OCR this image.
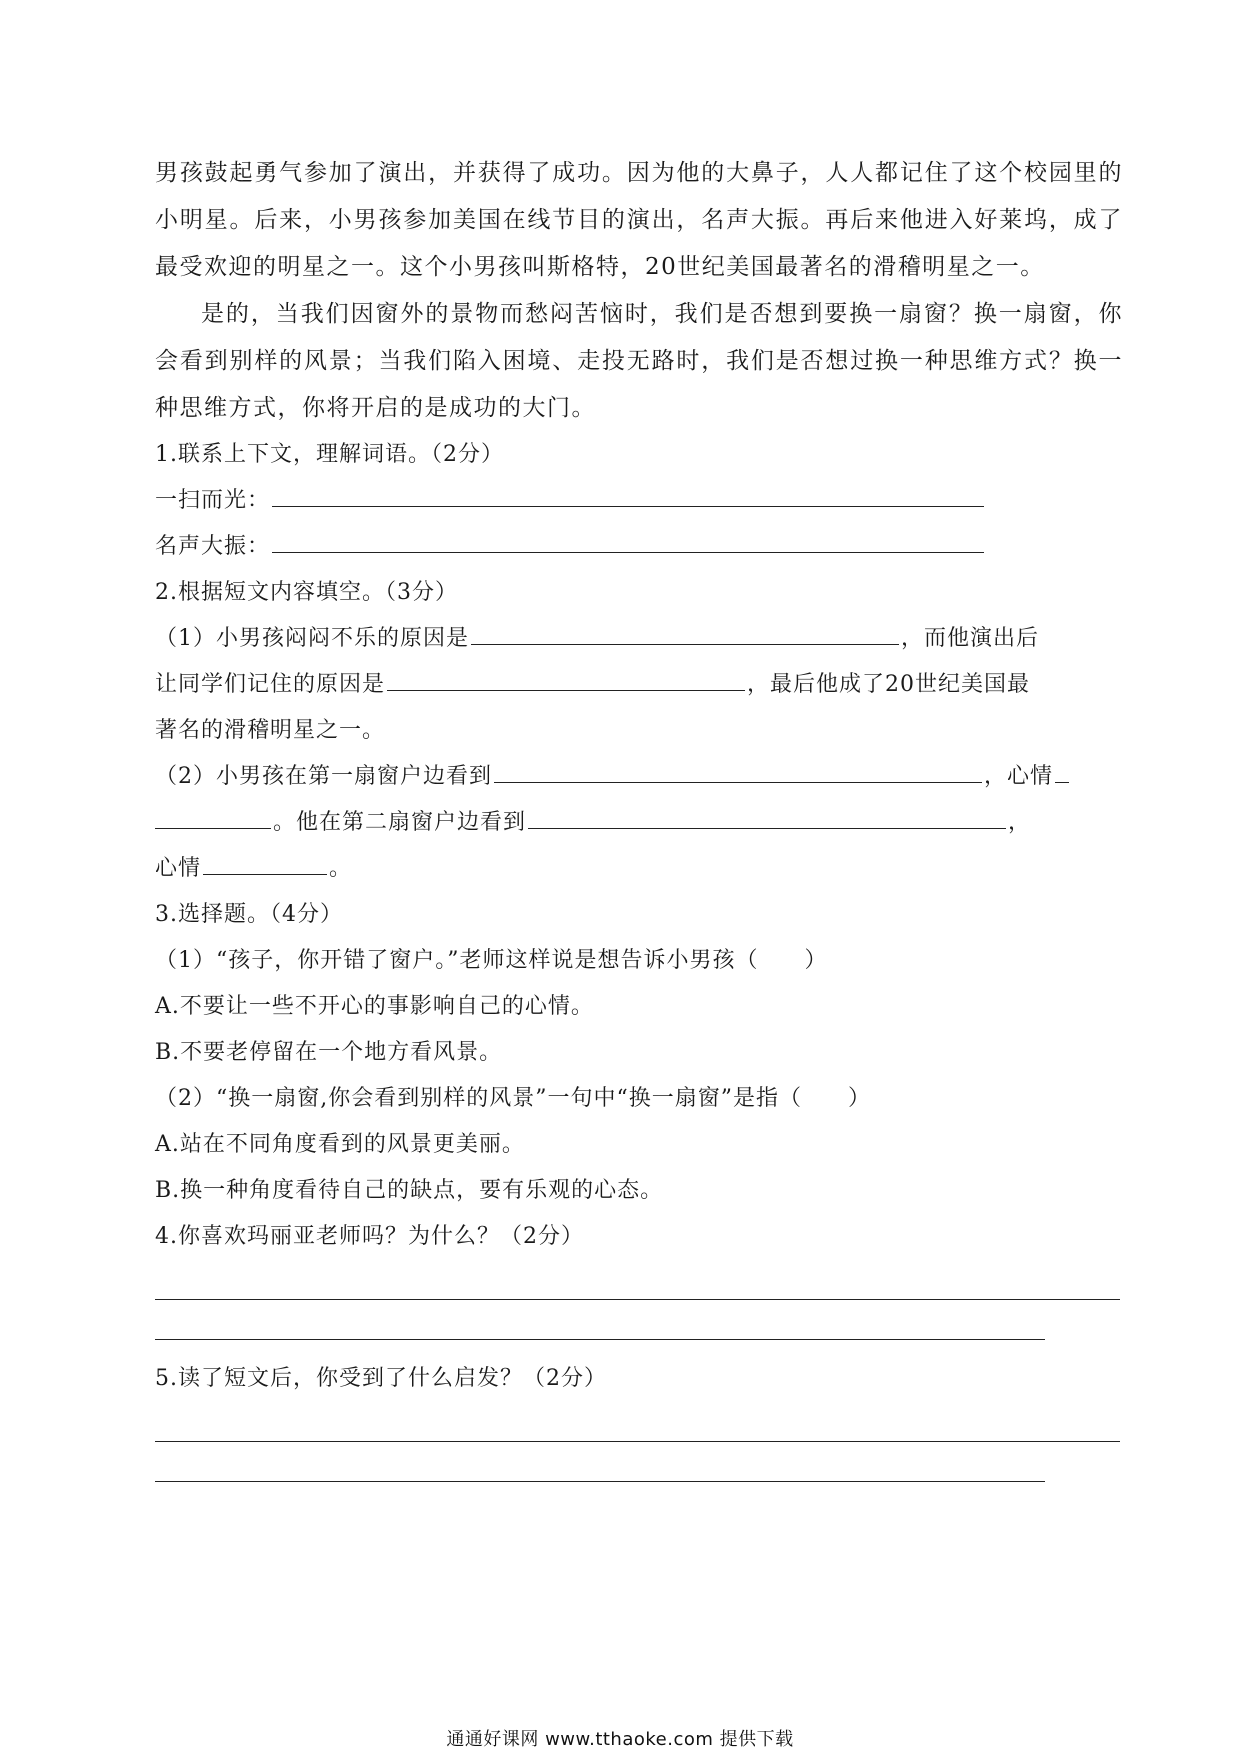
男孩鼓起勇气参加了演出，并获得了成功。因为他的大鼻子，人人都记住了这个校园里的小明星。后来，小男孩参加美国在线节目的演出，名声大振。再后来他进入好莱坞，成了最受欢迎的明星之一。这个小男孩叫斯格特，20世纪美国最著名的滑稽明星之一。

是的，当我们因窗外的景物而愁闷苦恼时，我们是否想到要换一扇窗？换一扇窗，你会看到别样的风景；当我们陷入困境、走投无路时，我们是否想过换一种思维方式？换一种思维方式，你将开启的是成功的大门。

1.联系上下文，理解词语。（2分）

一扫而光：

名声大振：

2.根据短文内容填空。（3分）

（1）小男孩闷闷不乐的原因是	，而他演出后

让同学们记住的原因是	，最后他成了20世纪美国最

著名的滑稽明星之一。

（2）小男孩在第一扇窗户边看到	，心情

。他在第二扇窗户边看到	，

心情	。

3.选择题。（4分）

（1）“孩子，你开错了窗户。”老师这样说是想告诉小男孩（　　）

A.不要让一些不开心的事影响自己的心情。

B.不要老停留在一个地方看风景。

（2）“换一扇窗,你会看到别样的风景”一句中“换一扇窗”是指（　　）

A.站在不同角度看到的风景更美丽。

B.换一种角度看待自己的缺点，要有乐观的心态。

4.你喜欢玛丽亚老师吗？为什么？（2分）

5.读了短文后，你受到了什么启发？（2分）

通通好课网 www.tthaoke.com 提供下载
